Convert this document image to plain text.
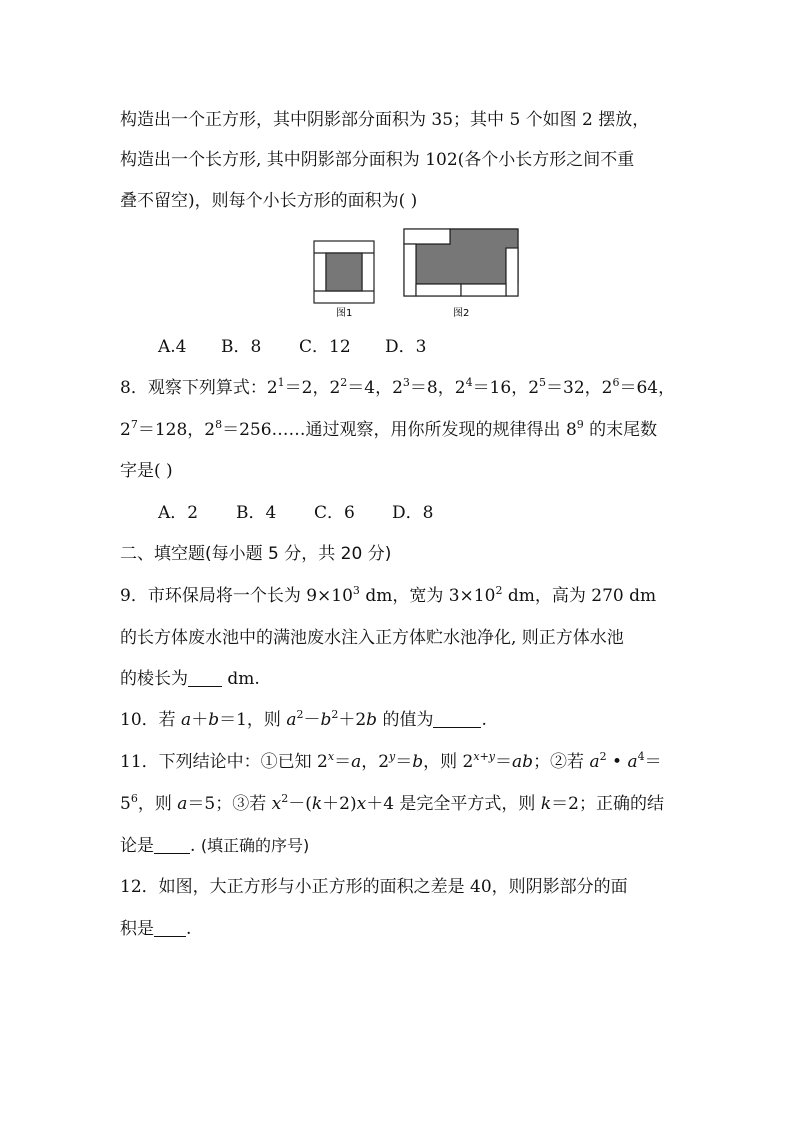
构造出一个正方形，其中阴影部分面积为 35；其中 5 个如图 2 摆放，
构造出一个长方形, 其中阴影部分面积为 102(各个小长方形之间不重
叠不留空)，则每个小长方形的面积为( )
图1	图2
A.4 B．8 C．12 D．3
8．观察下列算式：$2^1=2$，$2^2=4$，$2^3=8$，$2^4=16$，$2^5=32$，$2^6=64$，
$2^7=128$，$2^8=256\dots\dots$通过观察，用你所发现的规律得出 $8^9$ 的末尾数
字是( )
A．2 B．4 C．6 D．8
二、填空题(每小题 5 分，共 20 分)
9．市环保局将一个长为 $9\times 10^3$ dm，宽为 $3\times 10^2$ dm，高为 270 dm
的长方体废水池中的满池废水注入正方体贮水池净化, 则正方体水池
的棱长为 dm.
10．若 a＋b＝1，则 $a^2-b^2+2b$ 的值为	.
11．下列结论中：①已知 $2^x=a$，$2^y=b$，则 $2^{x+y}=ab$；②若 $a^2$ • $a^4=$
$5^6$，则 a＝5；③若 $x^2-(k+2)x+4$ 是完全平方式，则 k＝2；正确的结
论是 . (填正确的序号)
12．如图，大正方形与小正方形的面积之差是 40，则阴影部分的面
积是 .
